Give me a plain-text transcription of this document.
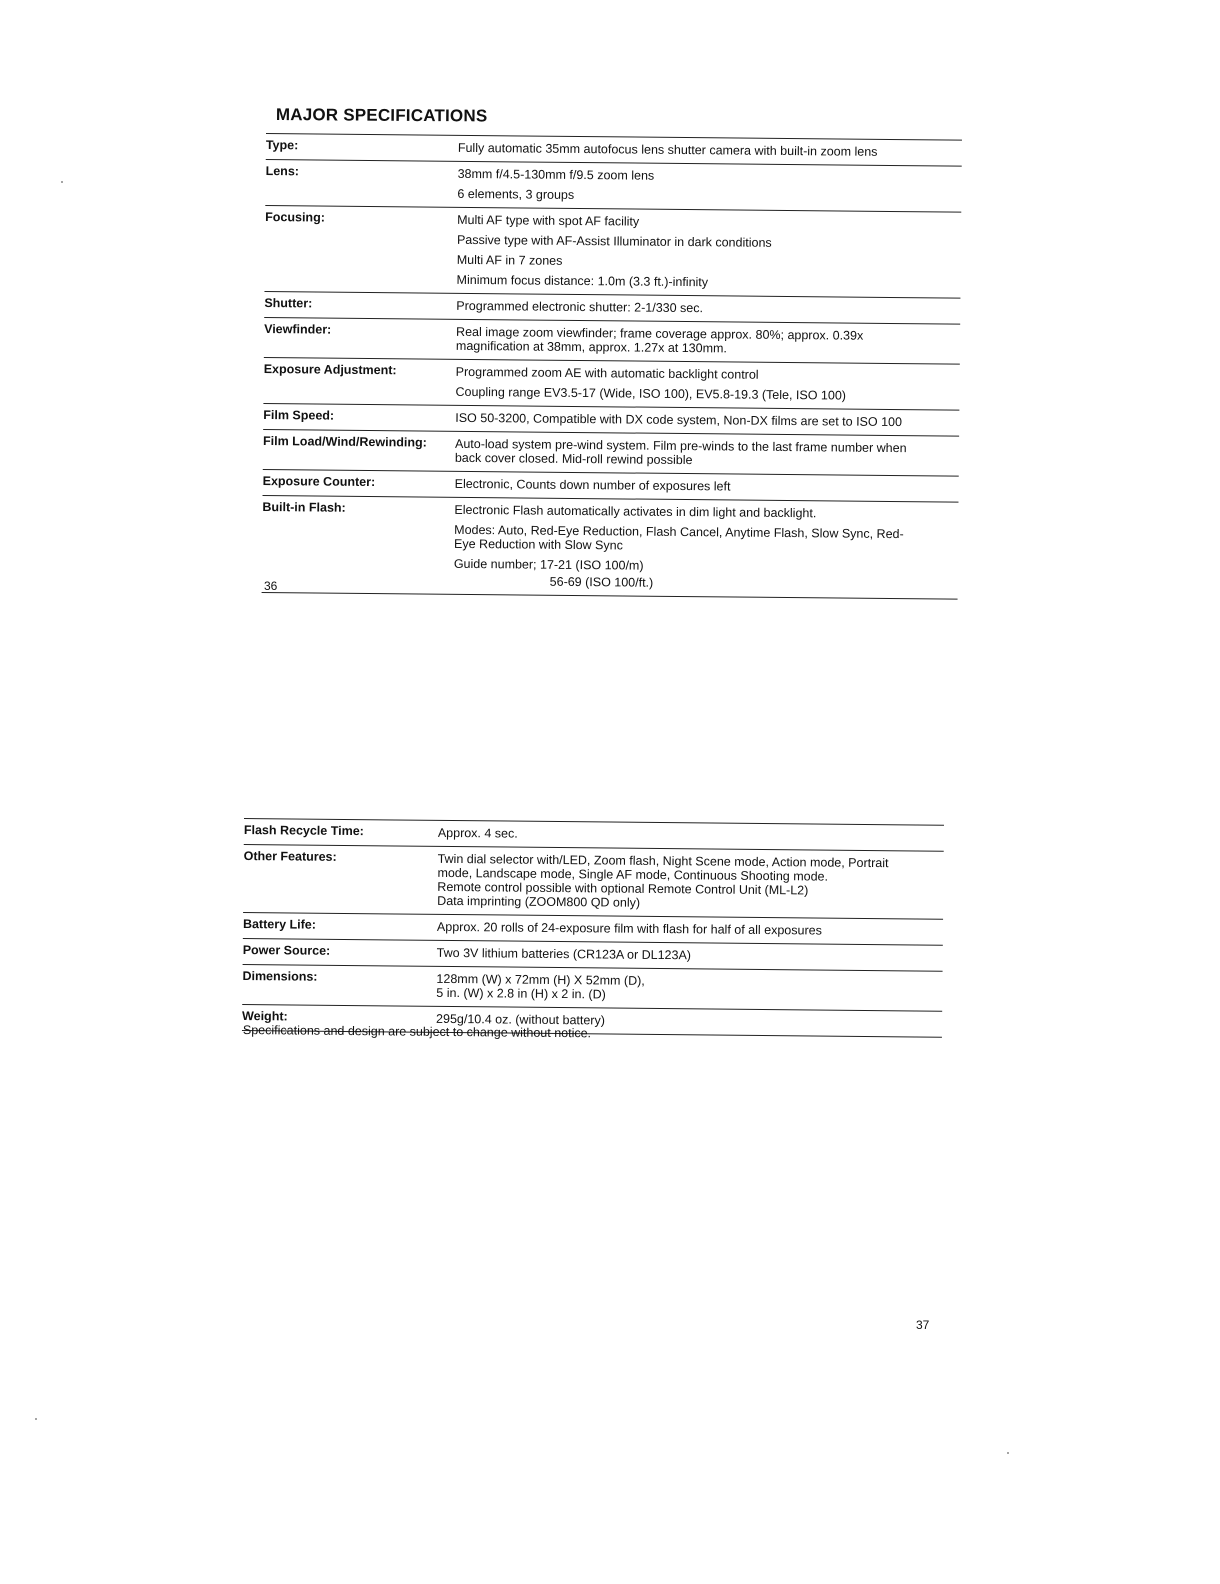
MAJOR SPECIFICATIONS
Type:	Fully automatic 35mm autofocus lens shutter camera with built-in zoom lens
Lens:	38mm f/4.5-130mm f/9.5 zoom lens
6 elements, 3 groups
Focusing:	Multi AF type with spot AF facility
Passive type with AF-Assist Illuminator in dark conditions
Multi AF in 7 zones
Minimum focus distance: 1.0m (3.3 ft.)-infinity
Shutter:	Programmed electronic shutter: 2-1/330 sec.
Viewfinder:	Real image zoom viewfinder; frame coverage approx. 80%; approx. 0.39x
magnification at 38mm, approx. 1.27x at 130mm.
Exposure Adjustment:	Programmed zoom AE with automatic backlight control
Coupling range EV3.5-17 (Wide, ISO 100), EV5.8-19.3 (Tele, ISO 100)
Film Speed:	ISO 50-3200, Compatible with DX code system, Non-DX films are set to ISO 100
Film Load/Wind/Rewinding:	Auto-load system pre-wind system. Film pre-winds to the last frame number when
back cover closed. Mid-roll rewind possible
Exposure Counter:	Electronic, Counts down number of exposures left
Built-in Flash:	Electronic Flash automatically activates in dim light and backlight.
Modes: Auto, Red-Eye Reduction, Flash Cancel, Anytime Flash, Slow Sync, Red-
Eye Reduction with Slow Sync
Guide number; 17-21 (ISO 100/m)
56-69 (ISO 100/ft.)
36
Flash Recycle Time:	Approx. 4 sec.
Other Features:	Twin dial selector with/LED, Zoom flash, Night Scene mode, Action mode, Portrait
mode, Landscape mode, Single AF mode, Continuous Shooting mode.
Remote control possible with optional Remote Control Unit (ML-L2)
Data imprinting (ZOOM800 QD only)
Battery Life:	Approx. 20 rolls of 24-exposure film with flash for half of all exposures
Power Source:	Two 3V lithium batteries (CR123A or DL123A)
Dimensions:	128mm (W) x 72mm (H) X 52mm (D),
5 in. (W) x 2.8 in (H) x 2 in. (D)
Weight:	295g/10.4 oz. (without battery)
Specifications and design are subject to change without notice.
37
